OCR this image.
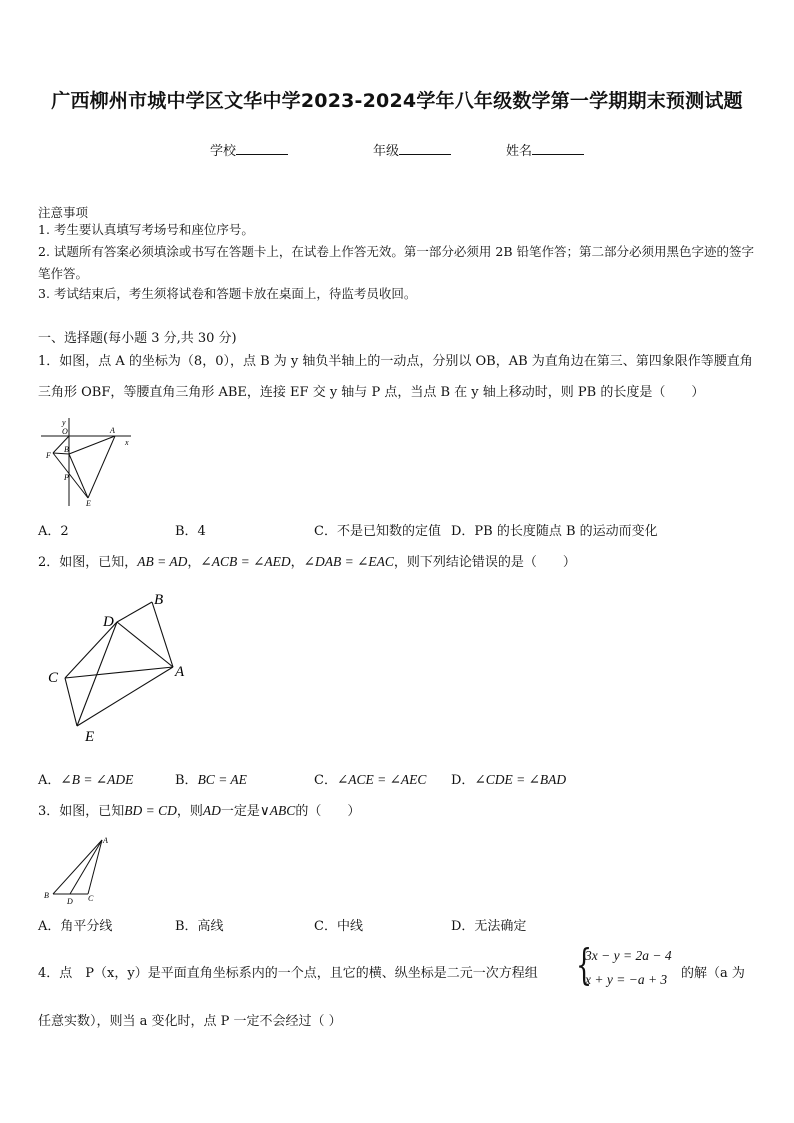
广西柳州市城中学区文华中学2023-2024学年八年级数学第一学期期末预测试题
学校	年级	姓名
注意事项
1. 考生要认真填写考场号和座位序号。
2. 试题所有答案必须填涂或书写在答题卡上，在试卷上作答无效。第一部分必须用 2B 铅笔作答；第二部分必须用黑色字迹的签字笔作答。
3. 考试结束后，考生须将试卷和答题卡放在桌面上，待监考员收回。
一、选择题(每小题 3 分,共 30 分)
1．如图，点 A 的坐标为（8，0），点 B 为 y 轴负半轴上的一动点，分别以 OB，AB 为直角边在第三、第四象限作等腰直角三角形 OBF，等腰直角三角形 ABE，连接 EF 交 y 轴与 P 点，当点 B 在 y 轴上移动时，则 PB 的长度是（　　）
y
O	A
x
F
B
P
E
A．2	B．4	C．不是已知数的定值 D．PB 的长度随点 B 的运动而变化
2．如图，已知，AB = AD，∠ACB = ∠AED，∠DAB = ∠EAC，则下列结论错误的是（　　）
D
B
C	A
E
A．∠B = ∠ADE	B．BC = AE	C．∠ACE = ∠AEC D．∠CDE = ∠BAD
3．如图，已知BD = CD，则AD一定是∨ABC的（　　）
A
B
D C
A．角平分线	B．高线	C．中线	D．无法确定
4．点　P（x，y）是平面直角坐标系内的一个点，且它的横、纵坐标是二元一次方程组 {
3x − y = 2a − 4
x + y = −a + 3 的解（a 为
任意实数），则当 a 变化时，点 P 一定不会经过（ ）
